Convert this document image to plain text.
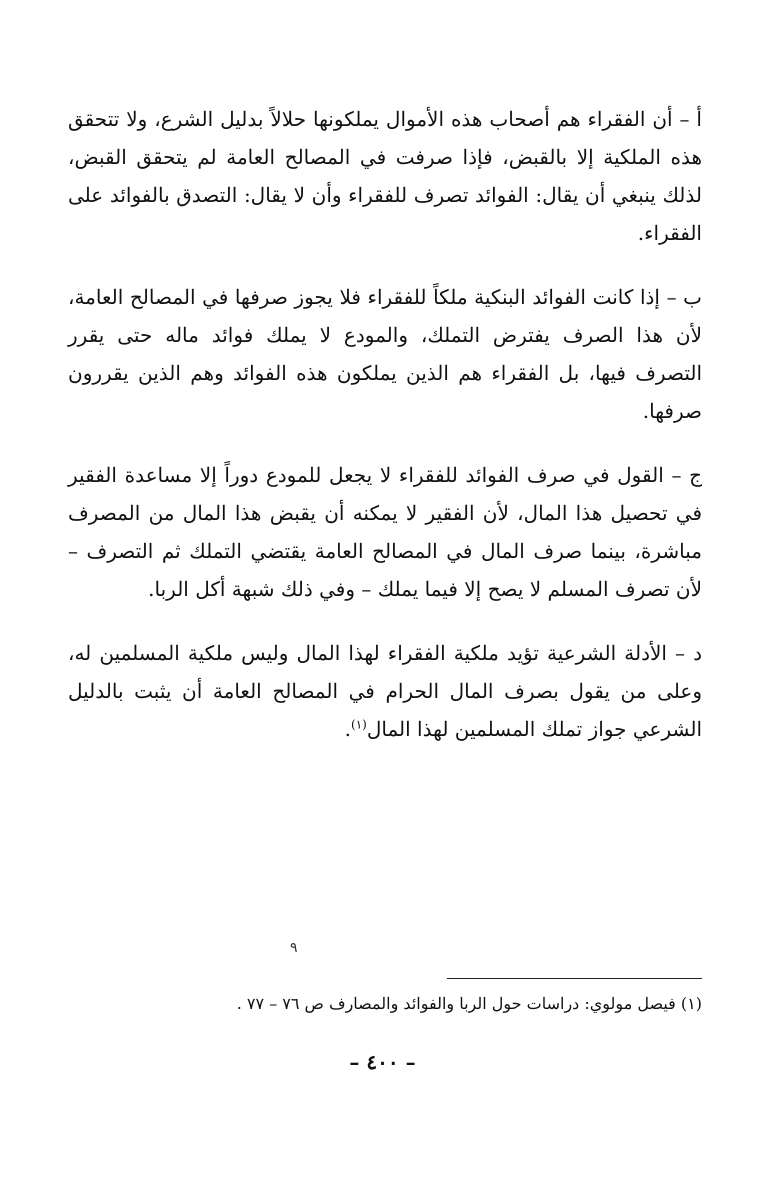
أ – أن الفقراء هم أصحاب هذه الأموال يملكونها حلالاً بدليل الشرع، ولا تتحقق هذه الملكية إلا بالقبض، فإذا صرفت في المصالح العامة لم يتحقق القبض، لذلك ينبغي أن يقال: الفوائد تصرف للفقراء وأن لا يقال: التصدق بالفوائد على الفقراء.

ب – إذا كانت الفوائد البنكية ملكاً للفقراء فلا يجوز صرفها في المصالح العامة، لأن هذا الصرف يفترض التملك، والمودع لا يملك فوائد ماله حتى يقرر التصرف فيها، بل الفقراء هم الذين يملكون هذه الفوائد وهم الذين يقررون صرفها.

ج – القول في صرف الفوائد للفقراء لا يجعل للمودع دوراً إلا مساعدة الفقير في تحصيل هذا المال، لأن الفقير لا يمكنه أن يقبض هذا المال من المصرف مباشرة، بينما صرف المال في المصالح العامة يقتضي التملك ثم التصرف – لأن تصرف المسلم لا يصح إلا فيما يملك – وفي ذلك شبهة أكل الربا.

د – الأدلة الشرعية تؤيد ملكية الفقراء لهذا المال وليس ملكية المسلمين له، وعلى من يقول بصرف المال الحرام في المصالح العامة أن يثبت بالدليل الشرعي جواز تملك المسلمين لهذا المال$^{(١)}$.

٩
(١) فيصل مولوي: دراسات حول الربا والفوائد والمصارف ص ٧٦ – ٧٧ .
– ٤٠٠ –
